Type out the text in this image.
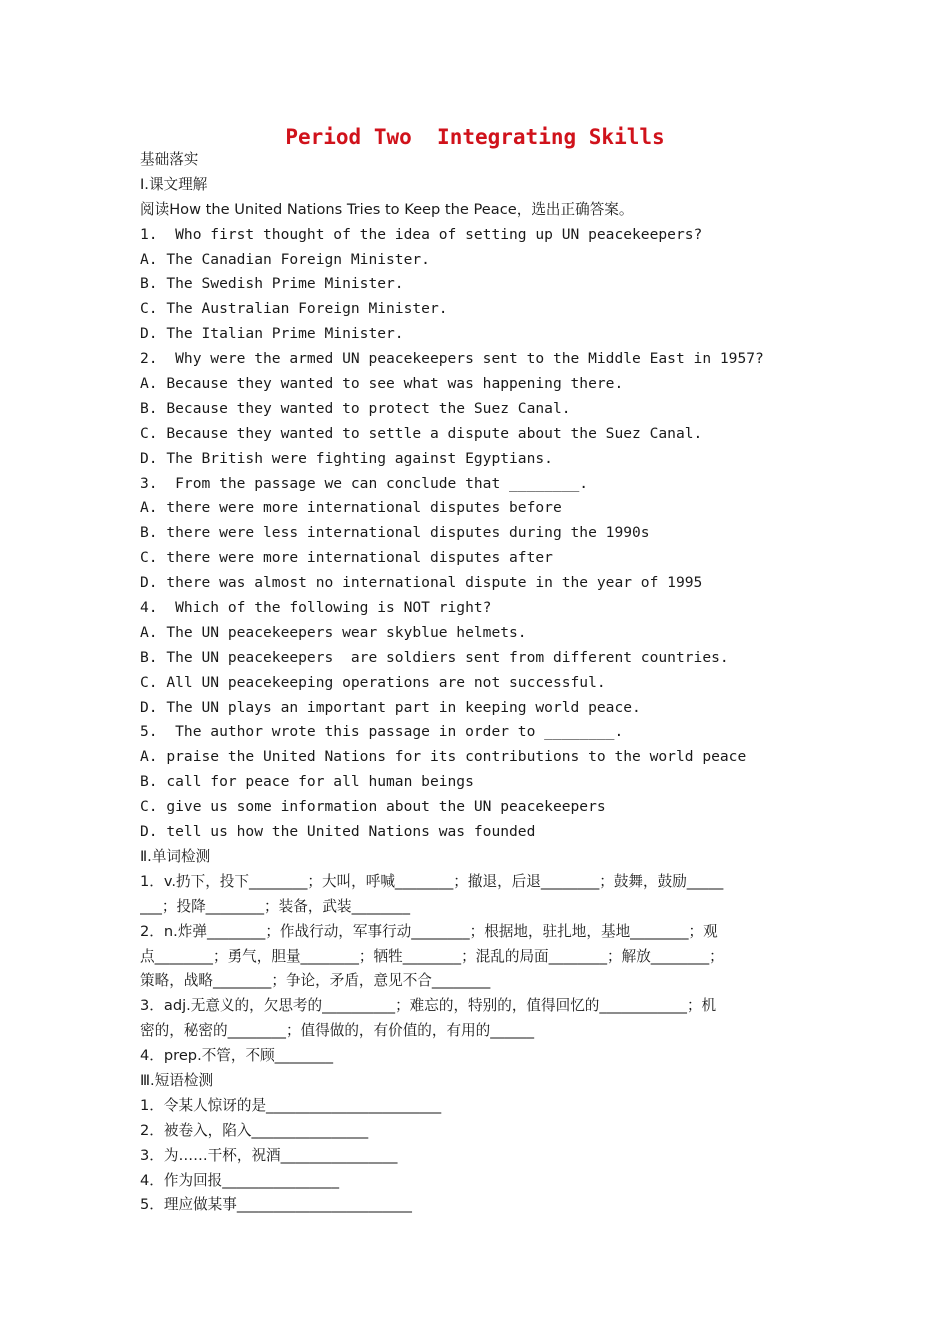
Period Two  Integrating Skills
基础落实
I.课文理解
阅读How the United Nations Tries to Keep the Peace，选出正确答案。
1.  Who first thought of the idea of setting up UN peacekeepers?
A. The Canadian Foreign Minister.
B. The Swedish Prime Minister.
C. The Australian Foreign Minister.
D. The Italian Prime Minister.
2.  Why were the armed UN peacekeepers sent to the Middle East in 1957?
A. Because they wanted to see what was happening there.
B. Because they wanted to protect the Suez Canal.
C. Because they wanted to settle a dispute about the Suez Canal.
D. The British were fighting against Egyptians.
3.  From the passage we can conclude that ________.
A. there were more international disputes before
B. there were less international disputes during the 1990s
C. there were more international disputes after
D. there was almost no international dispute in the year of 1995
4.  Which of the following is NOT right?
A. The UN peacekeepers wear skyblue helmets.
B. The UN peacekeepers  are soldiers sent from different countries.
C. All UN peacekeeping operations are not successful.
D. The UN plays an important part in keeping world peace.
5.  The author wrote this passage in order to ________.
A. praise the United Nations for its contributions to the world peace
B. call for peace for all human beings
C. give us some information about the UN peacekeepers
D. tell us how the United Nations was founded
Ⅱ.单词检测
1．v.扔下，投下________；大叫，呼喊________；撤退，后退________；鼓舞，鼓励_____
___；投降________；装备，武装________
2．n.炸弹________；作战行动，军事行动________；根据地，驻扎地，基地________；观
点________；勇气，胆量________；牺牲________；混乱的局面________；解放________；
策略，战略________；争论，矛盾，意见不合________
3．adj.无意义的，欠思考的__________；难忘的，特别的，值得回忆的____________；机
密的，秘密的________；值得做的，有价值的，有用的______
4．prep.不管，不顾________
Ⅲ.短语检测
1．令某人惊讶的是________________________
2．被卷入，陷入________________
3．为……干杯，祝酒________________
4．作为回报________________
5．理应做某事________________________
